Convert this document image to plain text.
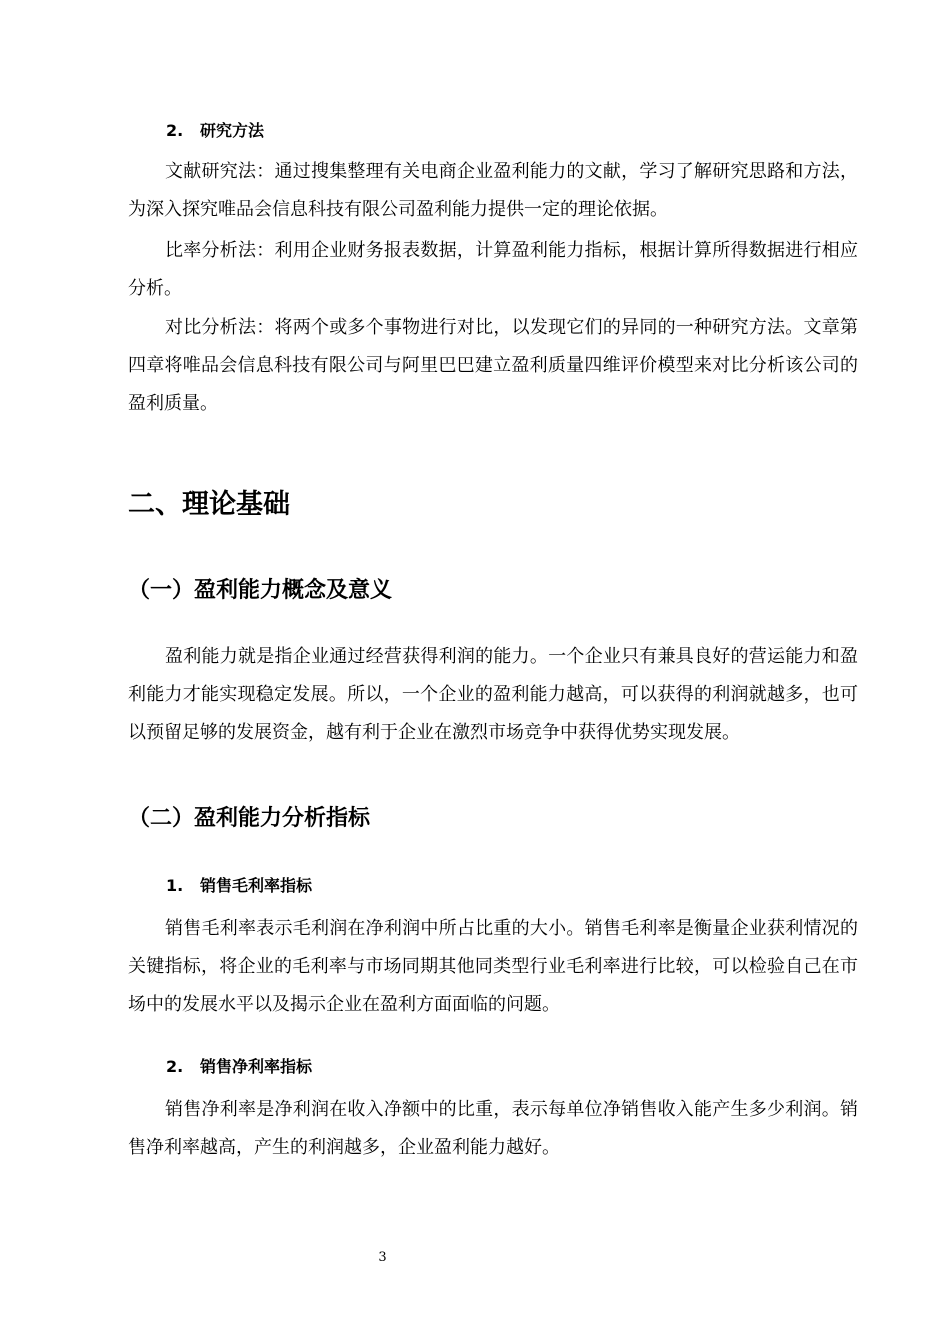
2. 研究方法

文献研究法：通过搜集整理有关电商企业盈利能力的文献，学习了解研究思路和方法，为深入探究唯品会信息科技有限公司盈利能力提供一定的理论依据。

比率分析法：利用企业财务报表数据，计算盈利能力指标，根据计算所得数据进行相应分析。

对比分析法：将两个或多个事物进行对比，以发现它们的异同的一种研究方法。文章第四章将唯品会信息科技有限公司与阿里巴巴建立盈利质量四维评价模型来对比分析该公司的盈利质量。

二、理论基础
（一）盈利能力概念及意义

盈利能力就是指企业通过经营获得利润的能力。一个企业只有兼具良好的营运能力和盈利能力才能实现稳定发展。所以，一个企业的盈利能力越高，可以获得的利润就越多，也可以预留足够的发展资金，越有利于企业在激烈市场竞争中获得优势实现发展。

（二）盈利能力分析指标
1. 销售毛利率指标

销售毛利率表示毛利润在净利润中所占比重的大小。销售毛利率是衡量企业获利情况的关键指标，将企业的毛利率与市场同期其他同类型行业毛利率进行比较，可以检验自己在市场中的发展水平以及揭示企业在盈利方面面临的问题。

2. 销售净利率指标

销售净利率是净利润在收入净额中的比重，表示每单位净销售收入能产生多少利润。销售净利率越高，产生的利润越多，企业盈利能力越好。

3
